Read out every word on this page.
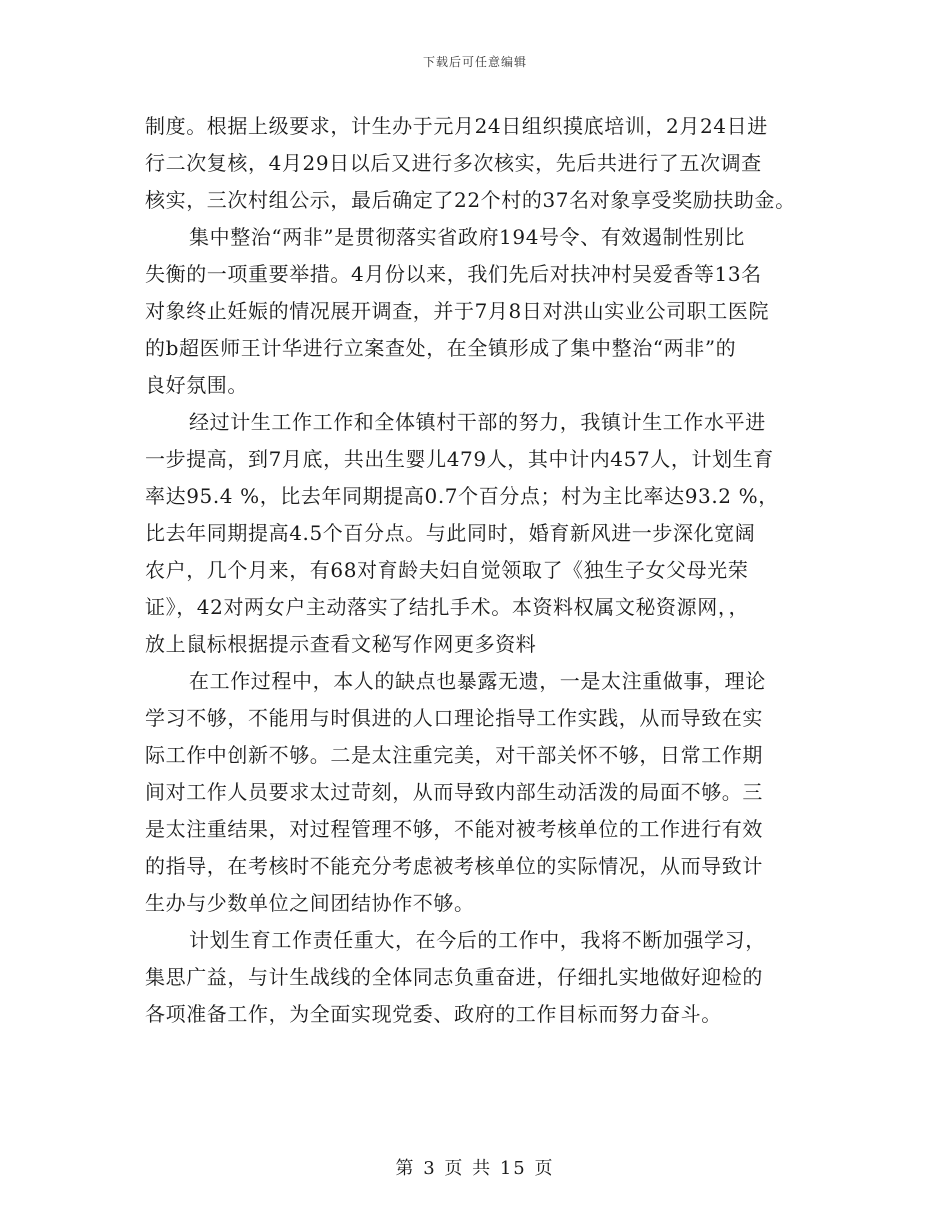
下载后可任意编辑
制度。根据上级要求，计生办于元月24日组织摸底培训，2月24日进
行二次复核，4月29日以后又进行多次核实，先后共进行了五次调查
核实，三次村组公示，最后确定了22个村的37名对象享受奖励扶助金。
集中整治“两非”是贯彻落实省政府194号令、有效遏制性别比
失衡的一项重要举措。4月份以来，我们先后对扶冲村吴爱香等13名
对象终止妊娠的情况展开调查，并于7月8日对洪山实业公司职工医院
的b超医师王计华进行立案查处，在全镇形成了集中整治“两非”的
良好氛围。
经过计生工作工作和全体镇村干部的努力，我镇计生工作水平进
一步提高，到7月底，共出生婴儿479人，其中计内457人，计划生育
率达95.4 %，比去年同期提高0.7个百分点；村为主比率达93.2 %，
比去年同期提高4.5个百分点。与此同时，婚育新风进一步深化宽阔
农户，几个月来，有68对育龄夫妇自觉领取了《独生子女父母光荣
证》，42对两女户主动落实了结扎手术。本资料权属文秘资源网，，
放上鼠标根据提示查看文秘写作网更多资料
在工作过程中，本人的缺点也暴露无遗，一是太注重做事，理论
学习不够，不能用与时俱进的人口理论指导工作实践，从而导致在实
际工作中创新不够。二是太注重完美，对干部关怀不够，日常工作期
间对工作人员要求太过苛刻，从而导致内部生动活泼的局面不够。三
是太注重结果，对过程管理不够，不能对被考核单位的工作进行有效
的指导，在考核时不能充分考虑被考核单位的实际情况，从而导致计
生办与少数单位之间团结协作不够。
计划生育工作责任重大，在今后的工作中，我将不断加强学习，
集思广益，与计生战线的全体同志负重奋进，仔细扎实地做好迎检的
各项准备工作，为全面实现党委、政府的工作目标而努力奋斗。
第 3 页 共 15 页
